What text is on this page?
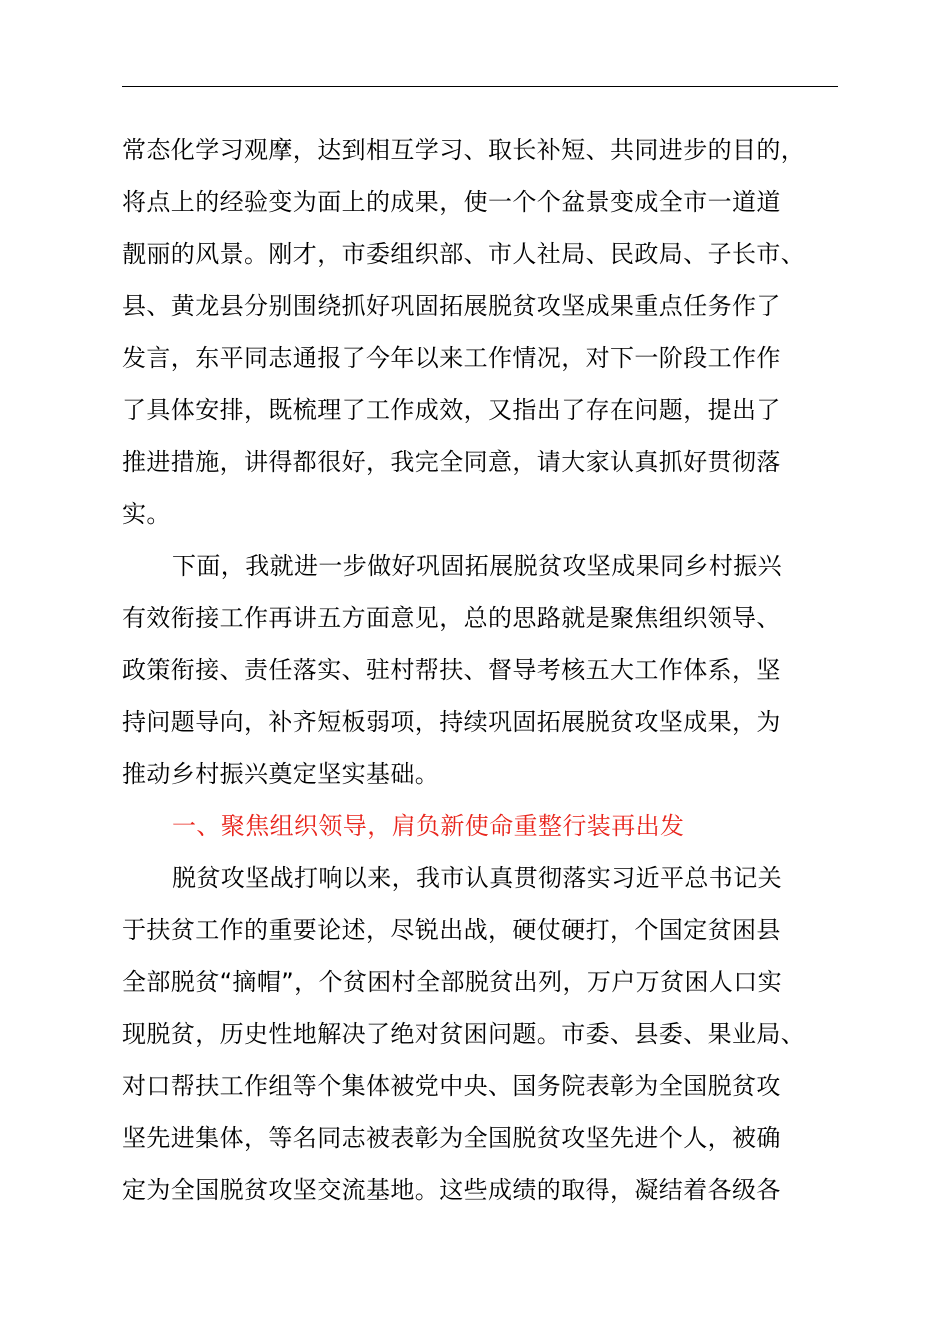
常态化学习观摩，达到相互学习、取长补短、共同进步的目的，
将点上的经验变为面上的成果，使一个个盆景变成全市一道道
靓丽的风景。刚才，市委组织部、市人社局、民政局、子长市、
县、黄龙县分别围绕抓好巩固拓展脱贫攻坚成果重点任务作了
发言，东平同志通报了今年以来工作情况，对下一阶段工作作
了具体安排，既梳理了工作成效，又指出了存在问题，提出了
推进措施，讲得都很好，我完全同意，请大家认真抓好贯彻落
实。
下面，我就进一步做好巩固拓展脱贫攻坚成果同乡村振兴
有效衔接工作再讲五方面意见，总的思路就是聚焦组织领导、
政策衔接、责任落实、驻村帮扶、督导考核五大工作体系，坚
持问题导向，补齐短板弱项，持续巩固拓展脱贫攻坚成果，为
推动乡村振兴奠定坚实基础。
一、聚焦组织领导，肩负新使命重整行装再出发
脱贫攻坚战打响以来，我市认真贯彻落实习近平总书记关
于扶贫工作的重要论述，尽锐出战，硬仗硬打，个国定贫困县
全部脱贫“摘帽”，个贫困村全部脱贫出列，万户万贫困人口实
现脱贫，历史性地解决了绝对贫困问题。市委、县委、果业局、
对口帮扶工作组等个集体被党中央、国务院表彰为全国脱贫攻
坚先进集体，等名同志被表彰为全国脱贫攻坚先进个人，被确
定为全国脱贫攻坚交流基地。这些成绩的取得，凝结着各级各
